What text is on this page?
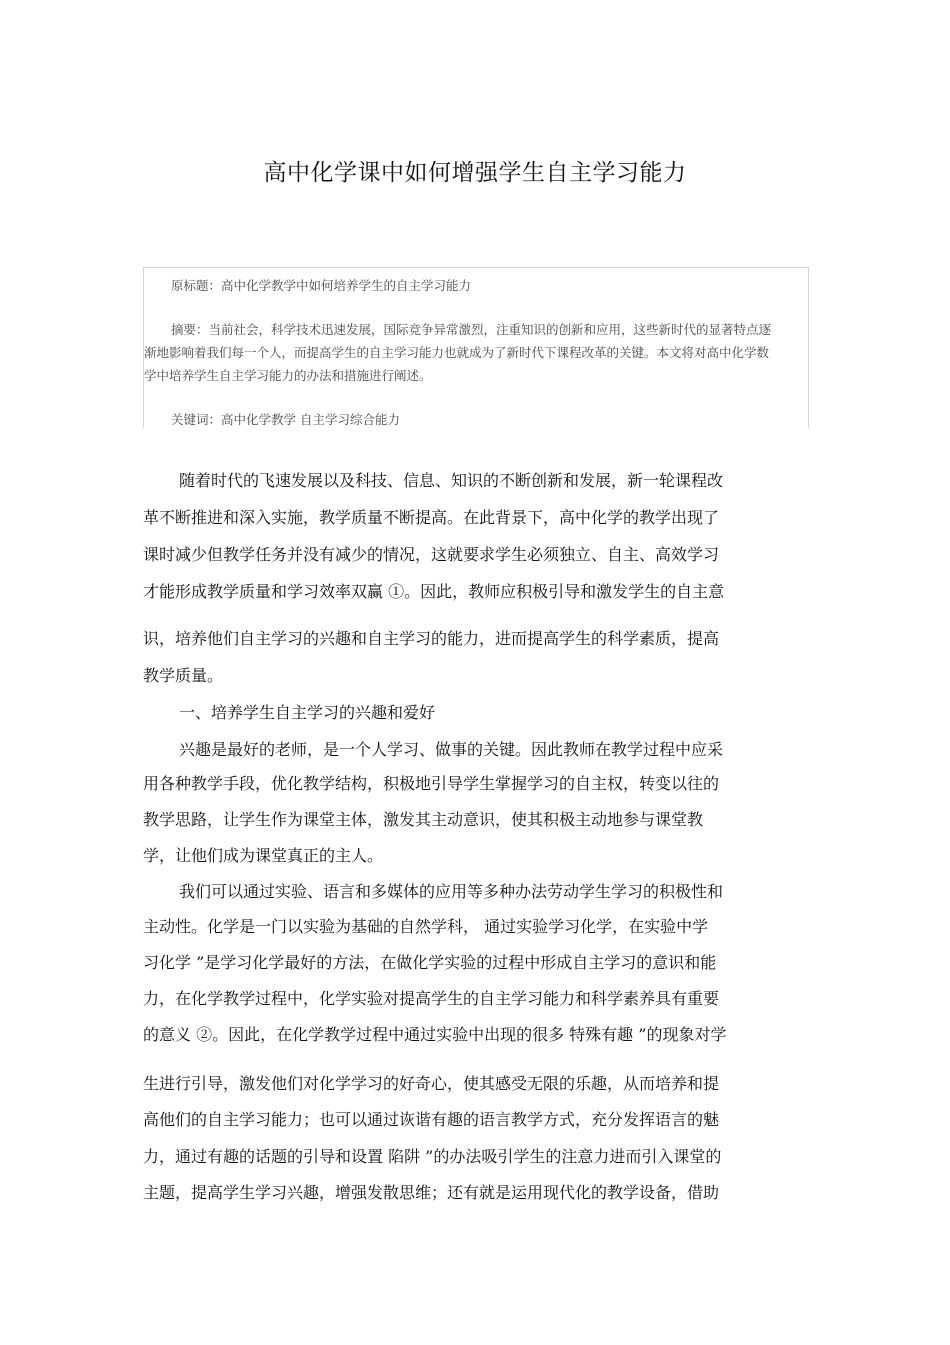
高中化学课中如何增强学生自主学习能力
原标题：高中化学教学中如何培养学生的自主学习能力
摘要：当前社会，科学技术迅速发展，国际竞争异常激烈，注重知识的创新和应用，这些新时代的显著特点逐
渐地影响着我们每一个人，而提高学生的自主学习能力也就成为了新时代下课程改革的关键。本文将对高中化学数
学中培养学生自主学习能力的办法和措施进行阐述。
关键词：高中化学教学 自主学习综合能力
随着时代的飞速发展以及科技、信息、知识的不断创新和发展，新一轮课程改
革不断推进和深入实施，教学质量不断提高。在此背景下，高中化学的教学出现了
课时减少但教学任务并没有减少的情况，这就要求学生必须独立、自主、高效学习
才能形成教学质量和学习效率双赢 ①。因此，教师应积极引导和激发学生的自主意
识，培养他们自主学习的兴趣和自主学习的能力，进而提高学生的科学素质，提高
教学质量。
一、培养学生自主学习的兴趣和爱好
兴趣是最好的老师，是一个人学习、做事的关键。因此教师在教学过程中应采
用各种教学手段，优化教学结构，积极地引导学生掌握学习的自主权，转变以往的
教学思路，让学生作为课堂主体，激发其主动意识，使其积极主动地参与课堂教
学，让他们成为课堂真正的主人。
我们可以通过实验、语言和多媒体的应用等多种办法劳动学生学习的积极性和
主动性。化学是一门以实验为基础的自然学科， 通过实验学习化学，在实验中学
习化学 ”是学习化学最好的方法，在做化学实验的过程中形成自主学习的意识和能
力，在化学教学过程中，化学实验对提高学生的自主学习能力和科学素养具有重要
的意义 ②。因此，在化学教学过程中通过实验中出现的很多 特殊有趣 ”的现象对学
生进行引导，激发他们对化学学习的好奇心，使其感受无限的乐趣，从而培养和提
高他们的自主学习能力；也可以通过诙谐有趣的语言教学方式，充分发挥语言的魅
力，通过有趣的话题的引导和设置 陷阱 ”的办法吸引学生的注意力进而引入课堂的
主题，提高学生学习兴趣，增强发散思维；还有就是运用现代化的教学设备，借助
